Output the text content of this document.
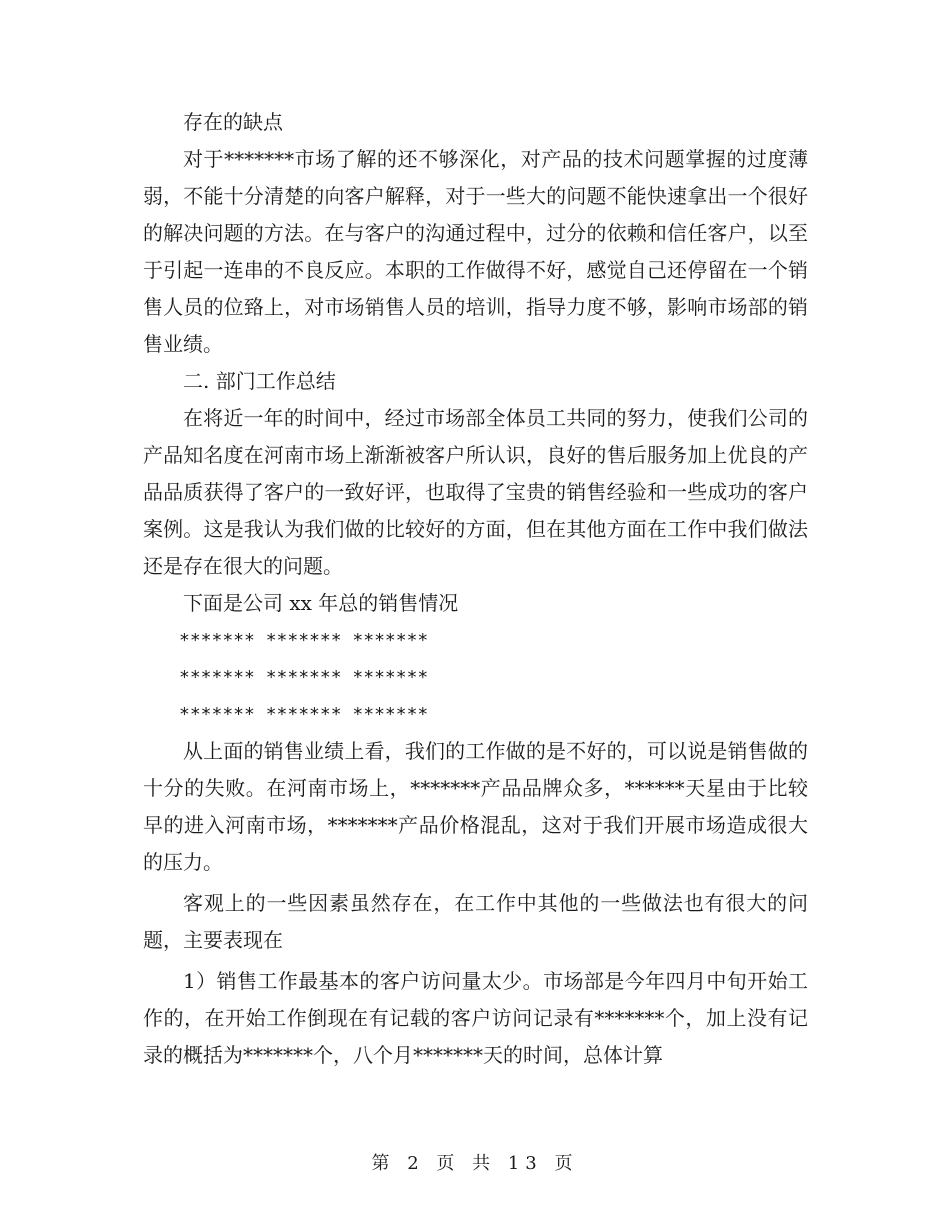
存在的缺点

对于*******市场了解的还不够深化，对产品的技术问题掌握的过度薄弱，不能十分清楚的向客户解释，对于一些大的问题不能快速拿出一个很好的解决问题的方法。在与客户的沟通过程中，过分的依赖和信任客户，以至于引起一连串的不良反应。本职的工作做得不好，感觉自己还停留在一个销售人员的位臵上，对市场销售人员的培训，指导力度不够，影响市场部的销售业绩。

二. 部门工作总结

在将近一年的时间中，经过市场部全体员工共同的努力，使我们公司的产品知名度在河南市场上渐渐被客户所认识，良好的售后服务加上优良的产品品质获得了客户的一致好评，也取得了宝贵的销售经验和一些成功的客户案例。这是我认为我们做的比较好的方面，但在其他方面在工作中我们做法还是存在很大的问题。

下面是公司 xx 年总的销售情况

******* ******* *******

******* ******* *******

******* ******* *******

从上面的销售业绩上看，我们的工作做的是不好的，可以说是销售做的十分的失败。在河南市场上，*******产品品牌众多，******天星由于比较早的进入河南市场，*******产品价格混乱，这对于我们开展市场造成很大的压力。

客观上的一些因素虽然存在，在工作中其他的一些做法也有很大的问题，主要表现在

1）销售工作最基本的客户访问量太少。市场部是今年四月中旬开始工作的，在开始工作倒现在有记载的客户访问记录有*******个，加上没有记录的概括为*******个，八个月*******天的时间，总体计算

第 2 页 共 13 页
